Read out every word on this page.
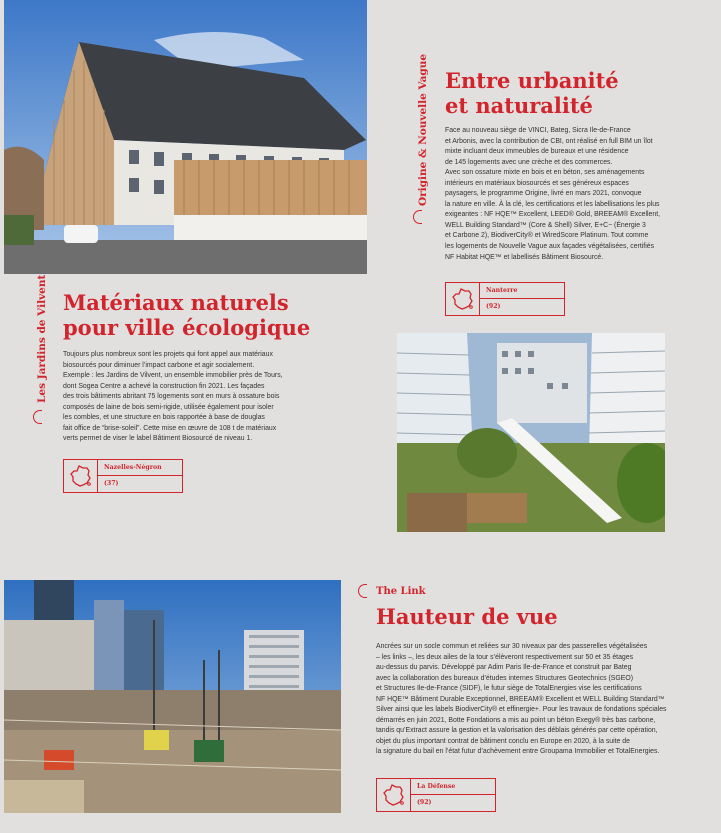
Origine & Nouvelle Vague Entre urbanité
et naturalité

Face au nouveau siège de VINCI, Bateg, Sicra Ile-de-France

et Arbonis, avec la contribution de CBI, ont réalisé en full BIM un îlot

mixte incluant deux immeubles de bureaux et une résidence

de 145 logements avec une crèche et des commerces.

Avec son ossature mixte en bois et en béton, ses aménagements

intérieurs en matériaux biosourcés et ses généreux espaces

paysagers, le programme Origine, livré en mars 2021, convoque

la nature en ville. À la clé, les certifications et les labellisations les plus

exigeantes : NF HQE™ Excellent, LEED® Gold, BREEAM® Excellent,

WELL Building Standard™ (Core & Shell) Silver, E+C− (Énergie 3

et Carbone 2), BiodiverCity® et WiredScore Platinum. Tout comme

les logements de Nouvelle Vague aux façades végétalisées, certifiés

NF Habitat HQE™ et labellisés Bâtiment Biosourcé.

Nanterre
(92)
Les Jardins de Vilvent Matériaux naturels
pour ville écologique

Toujours plus nombreux sont les projets qui font appel aux matériaux

biosourcés pour diminuer l’impact carbone et agir socialement.

Exemple : les Jardins de Vilvent, un ensemble immobilier près de Tours,

dont Sogea Centre a achevé la construction fin 2021. Les façades

des trois bâtiments abritant 75 logements sont en murs à ossature bois

composés de laine de bois semi-rigide, utilisée également pour isoler

les combles, et une structure en bois rapportée à base de douglas

fait office de “brise-soleil”. Cette mise en œuvre de 108 t de matériaux

verts permet de viser le label Bâtiment Biosourcé de niveau 1.

Nazelles-Négron
(37)
The Link
Hauteur de vue

Ancrées sur un socle commun et reliées sur 30 niveaux par des passerelles végétalisées

– les links –, les deux ailes de la tour s’élèveront respectivement sur 50 et 35 étages

au-dessus du parvis. Développé par Adim Paris Ile-de-France et construit par Bateg

avec la collaboration des bureaux d’études internes Structures Geotechnics (SGEO)

et Structures Ile-de-France (SIDF), le futur siège de TotalEnergies vise les certifications

NF HQE™ Bâtiment Durable Exceptionnel, BREEAM® Excellent et WELL Building Standard™

Silver ainsi que les labels BiodiverCity® et effinergie+. Pour les travaux de fondations spéciales

démarrés en juin 2021, Botte Fondations a mis au point un béton Exegy® très bas carbone,

tandis qu’Extract assure la gestion et la valorisation des déblais générés par cette opération,

objet du plus important contrat de bâtiment conclu en Europe en 2020, à la suite de

la signature du bail en l’état futur d’achèvement entre Groupama Immobilier et TotalEnergies.

La Défense
(92)
